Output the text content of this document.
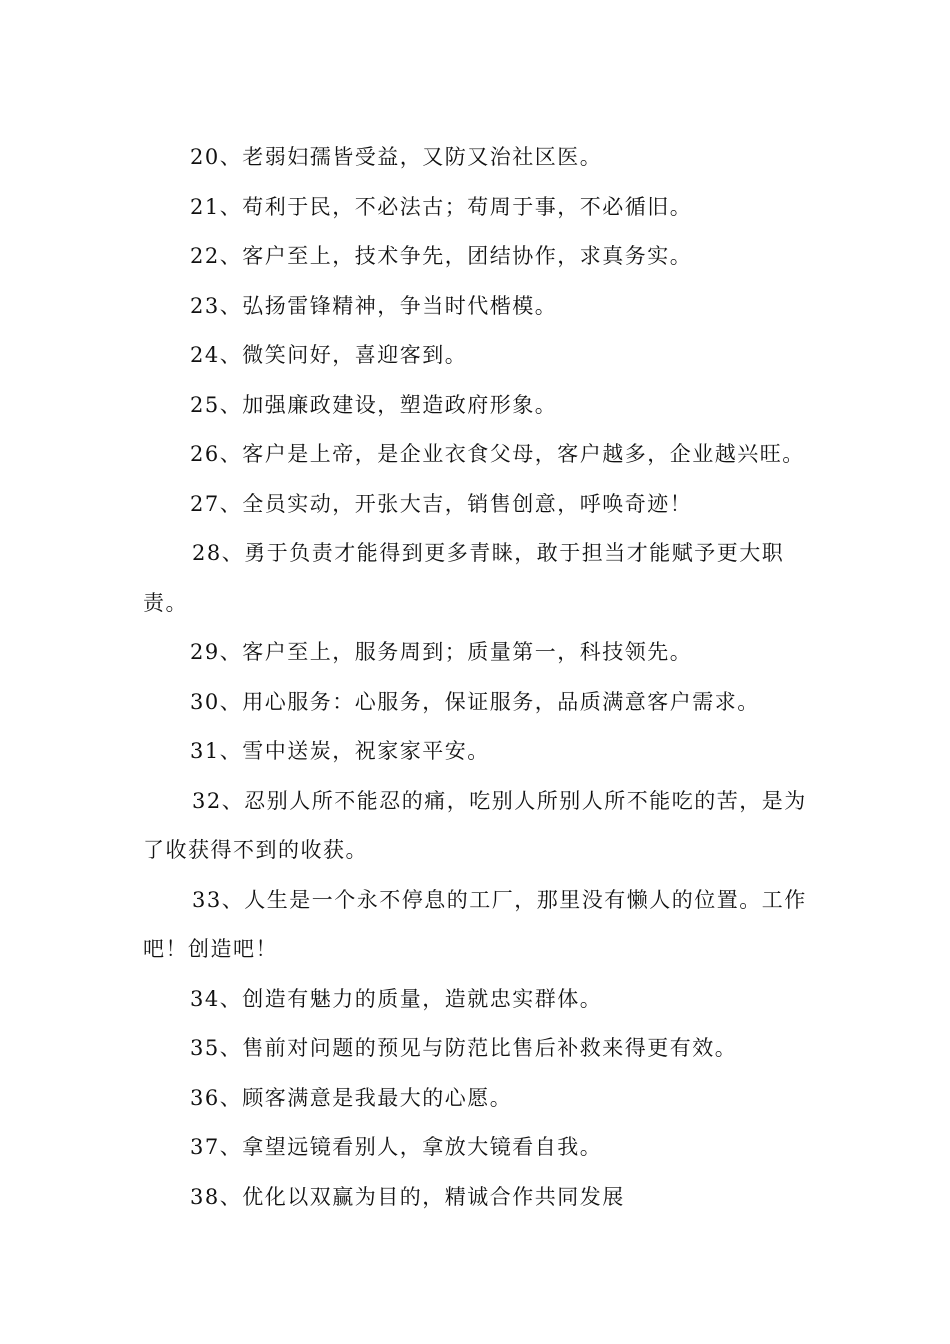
20、老弱妇孺皆受益，又防又治社区医。
21、苟利于民，不必法古；苟周于事，不必循旧。
22、客户至上，技术争先，团结协作，求真务实。
23、弘扬雷锋精神，争当时代楷模。
24、微笑问好，喜迎客到。
25、加强廉政建设，塑造政府形象。
26、客户是上帝，是企业衣食父母，客户越多，企业越兴旺。
27、全员实动，开张大吉，销售创意，呼唤奇迹！
28、勇于负责才能得到更多青睐，敢于担当才能赋予更大职
责。
29、客户至上，服务周到；质量第一，科技领先。
30、用心服务：心服务，保证服务，品质满意客户需求。
31、雪中送炭，祝家家平安。
32、忍别人所不能忍的痛，吃别人所别人所不能吃的苦，是为
了收获得不到的收获。
33、人生是一个永不停息的工厂，那里没有懒人的位置。工作
吧！创造吧！
34、创造有魅力的质量，造就忠实群体。
35、售前对问题的预见与防范比售后补救来得更有效。
36、顾客满意是我最大的心愿。
37、拿望远镜看别人，拿放大镜看自我。
38、优化以双赢为目的，精诚合作共同发展
